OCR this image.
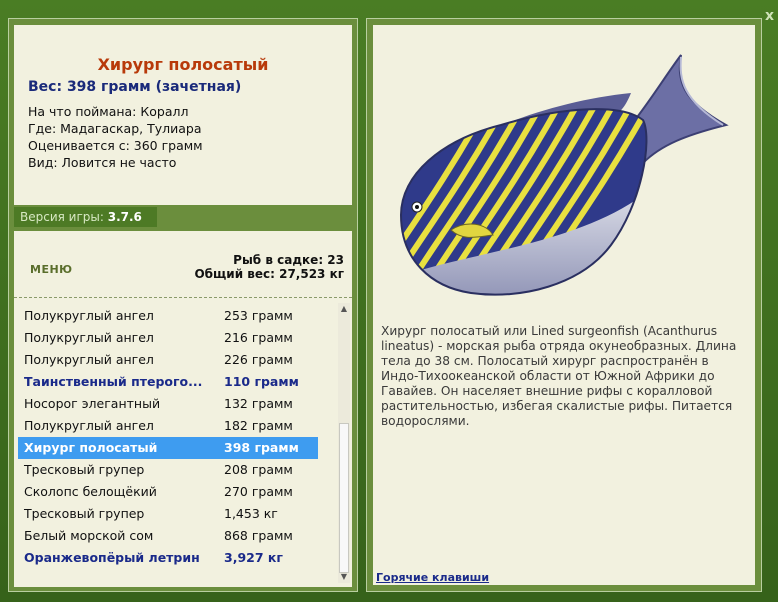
x
Хирург полосатый
Вес: 398 грамм (зачетная)
На что поймана: Коралл
Где: Мадагаскар, Тулиара
Оценивается с: 360 грамм
Вид: Ловится не часто
Версия игры: 3.7.6
МЕНЮ
Рыб в садке: 23
Общий вес: 27,523 кг
Полукруглый ангел	253 грамм
Полукруглый ангел	216 грамм
Полукруглый ангел	226 грамм
Таинственный птерого... 110 грамм
Носорог элегантный	132 грамм
Полукруглый ангел	182 грамм
Хирург полосатый	398 грамм
Тресковый групер	208 грамм
Сколопс белощёкий	270 грамм
Тресковый групер	1,453 кг
Белый морской сом	868 грамм
Оранжевопёрый летрин 3,927 кг
▲
▼
Хирург полосатый или Lined surgeonfish (Acanthurus lineatus) - морская рыба отряда окунеобразных. Длина тела до 38 см. Полосатый хирург распространён в Индо-Тихоокеанской области от Южной Африки до Гавайев. Он населяет внешние рифы с коралловой растительностью, избегая скалистые рифы. Питается водорослями.
Горячие клавиши
